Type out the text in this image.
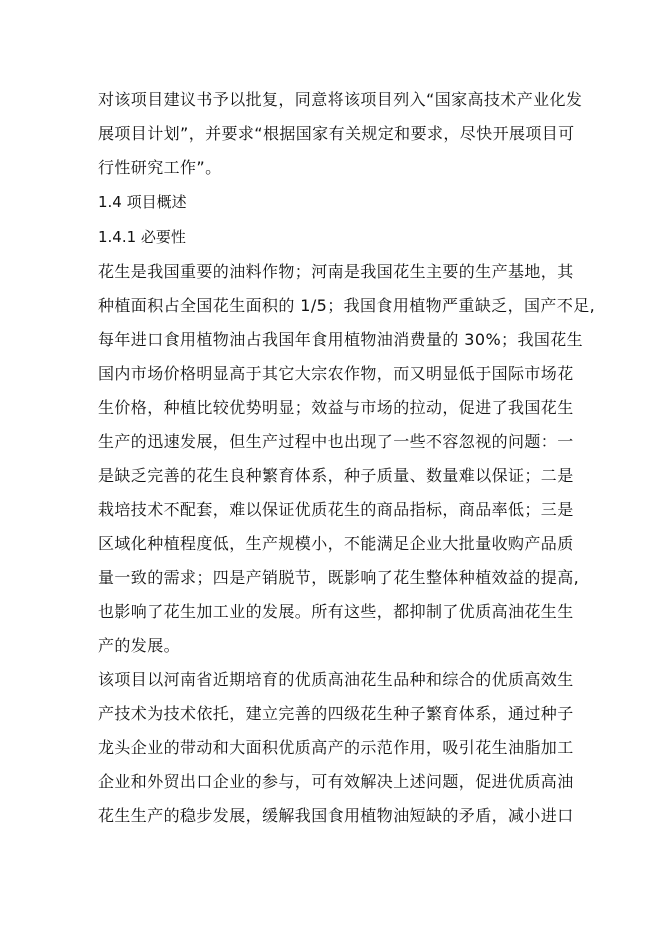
对该项目建议书予以批复，同意将该项目列入“国家高技术产业化发
展项目计划”，并要求“根据国家有关规定和要求，尽快开展项目可
行性研究工作”。
1.4 项目概述
1.4.1 必要性
花生是我国重要的油料作物；河南是我国花生主要的生产基地，其
种植面积占全国花生面积的 1/5；我国食用植物严重缺乏，国产不足,
每年进口食用植物油占我国年食用植物油消费量的 30%；我国花生
国内市场价格明显高于其它大宗农作物，而又明显低于国际市场花
生价格，种植比较优势明显；效益与市场的拉动，促进了我国花生
生产的迅速发展，但生产过程中也出现了一些不容忽视的问题：一
是缺乏完善的花生良种繁育体系，种子质量、数量难以保证；二是
栽培技术不配套，难以保证优质花生的商品指标，商品率低；三是
区域化种植程度低，生产规模小，不能满足企业大批量收购产品质
量一致的需求；四是产销脱节，既影响了花生整体种植效益的提高,
也影响了花生加工业的发展。所有这些，都抑制了优质高油花生生
产的发展。
该项目以河南省近期培育的优质高油花生品种和综合的优质高效生
产技术为技术依托，建立完善的四级花生种子繁育体系，通过种子
龙头企业的带动和大面积优质高产的示范作用，吸引花生油脂加工
企业和外贸出口企业的参与，可有效解决上述问题，促进优质高油
花生生产的稳步发展，缓解我国食用植物油短缺的矛盾，减小进口
